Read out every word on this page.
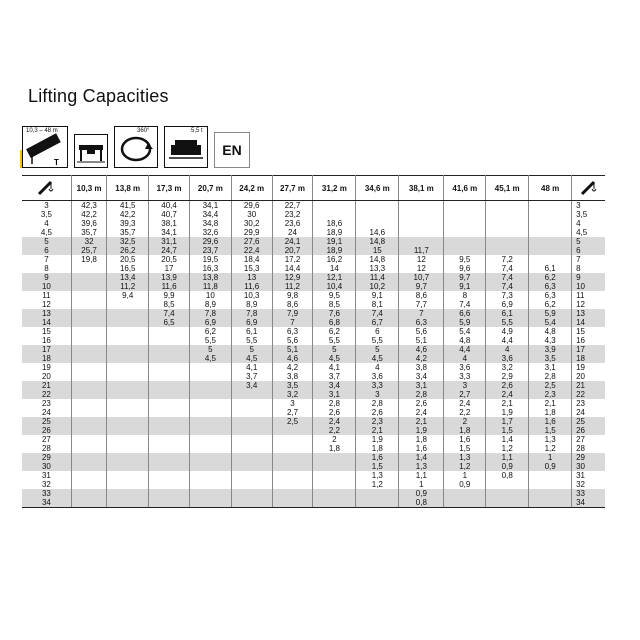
Lifting Capacities
10,3 – 48 m
T
360°	5,5 t
EN
	10,3 m	13,8 m	17,3 m	20,7 m	24,2 m	27,7 m	31,2 m	34,6 m	38,1 m	41,6 m	45,1 m	48 m	

3	42,3	41,5	40,4	34,1	29,6	22,7							3
3,5	42,2	42,2	40,7	34,4	30	23,2							3,5
4	39,6	39,3	38,1	34,8	30,2	23,6	18,6						4
4,5	35,7	35,7	34,1	32,6	29,9	24	18,9	14,6					4,5
5	32	32,5	31,1	29,6	27,6	24,1	19,1	14,8					5
6	25,7	26,2	24,7	23,7	22,4	20,7	18,9	15	11,7				6
7	19,8	20,5	20,5	19,5	18,4	17,2	16,2	14,8	12	9,5	7,2		7
8		16,5	17	16,3	15,3	14,4	14	13,3	12	9,6	7,4	6,1	8
9		13,4	13,9	13,8	13	12,9	12,1	11,4	10,7	9,7	7,4	6,2	9
10		11,2	11,6	11,8	11,6	11,2	10,4	10,2	9,7	9,1	7,4	6,3	10
11		9,4	9,9	10	10,3	9,8	9,5	9,1	8,6	8	7,3	6,3	11
12			8,5	8,9	8,9	8,6	8,5	8,1	7,7	7,4	6,9	6,2	12
13			7,4	7,8	7,8	7,9	7,6	7,4	7	6,6	6,1	5,9	13
14			6,5	6,9	6,9	7	6,8	6,7	6,3	5,9	5,5	5,4	14
15				6,2	6,1	6,3	6,2	6	5,6	5,4	4,9	4,8	15
16				5,5	5,5	5,6	5,5	5,5	5,1	4,8	4,4	4,3	16
17				5	5	5,1	5	5	4,6	4,4	4	3,9	17
18				4,5	4,5	4,6	4,5	4,5	4,2	4	3,6	3,5	18
19					4,1	4,2	4,1	4	3,8	3,6	3,2	3,1	19
20					3,7	3,8	3,7	3,6	3,4	3,3	2,9	2,8	20
21					3,4	3,5	3,4	3,3	3,1	3	2,6	2,5	21
22						3,2	3,1	3	2,8	2,7	2,4	2,3	22
23						3	2,8	2,8	2,6	2,4	2,1	2,1	23
24						2,7	2,6	2,6	2,4	2,2	1,9	1,8	24
25						2,5	2,4	2,3	2,1	2	1,7	1,6	25
26							2,2	2,1	1,9	1,8	1,5	1,5	26
27							2	1,9	1,8	1,6	1,4	1,3	27
28							1,8	1,8	1,6	1,5	1,2	1,2	28
29								1,6	1,4	1,3	1,1	1	29
30								1,5	1,3	1,2	0,9	0,9	30
31								1,3	1,1	1	0,8		31
32								1,2	1	0,9			32
33									0,9				33
34									0,8				34
